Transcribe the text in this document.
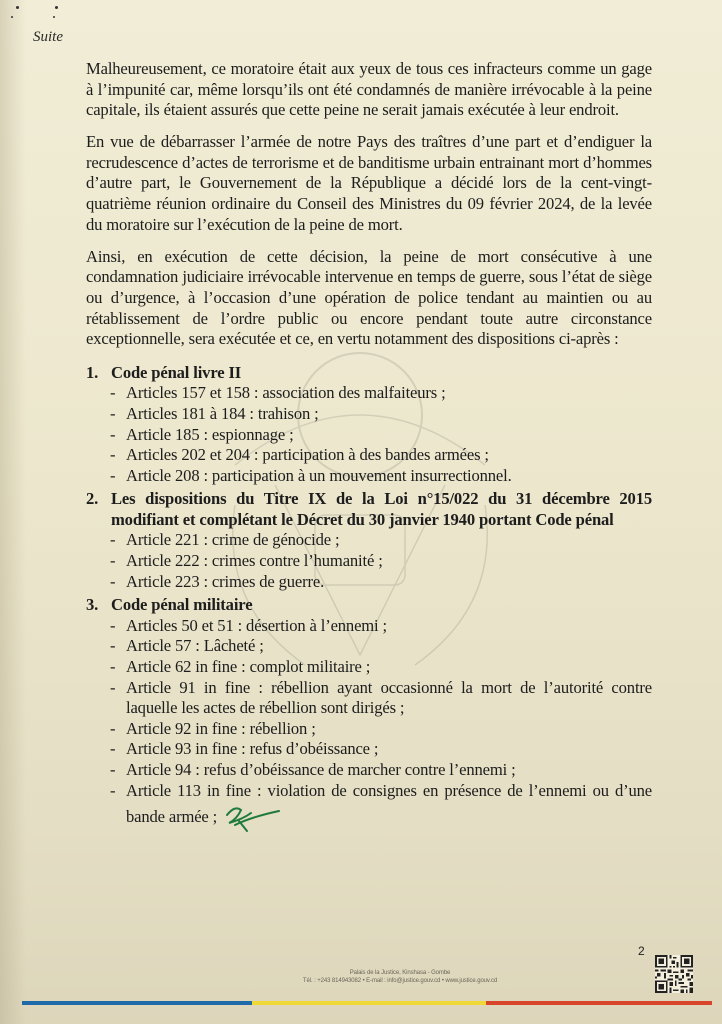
Suite

Malheureusement, ce moratoire était aux yeux de tous ces infracteurs comme un gage à l’impunité car, même lorsqu’ils ont été condamnés de manière irrévocable à la peine capitale, ils étaient assurés que cette peine ne serait jamais exécutée à leur endroit.

En vue de débarrasser l’armée de notre Pays des traîtres d’une part et d’endiguer la recrudescence d’actes de terrorisme et de banditisme urbain entrainant mort d’hommes d’autre part, le Gouvernement de la République a décidé lors de la cent-vingt-quatrième réunion ordinaire du Conseil des Ministres du 09 février 2024, de la levée du moratoire sur l’exécution de la peine de mort.

Ainsi, en exécution de cette décision, la peine de mort consécutive à une condamnation judiciaire irrévocable intervenue en temps de guerre, sous l’état de siège ou d’urgence, à l’occasion d’une opération de police tendant au maintien ou au rétablissement de l’ordre public ou encore pendant toute autre circonstance exceptionnelle, sera exécutée et ce, en vertu notamment des dispositions ci-après :

1. Code pénal livre II
- Articles 157 et 158 : association des malfaiteurs ;
- Articles 181 à 184 : trahison ;
- Article 185 : espionnage ;
- Articles 202 et 204 : participation à des bandes armées ;
- Article 208 : participation à un mouvement insurrectionnel.
2. Les dispositions du Titre IX de la Loi n°15/022 du 31 décembre 2015 modifiant et complétant le Décret du 30 janvier 1940 portant Code pénal
- Article 221 : crime de génocide ;
- Article 222 : crimes contre l’humanité ;
- Article 223 : crimes de guerre.
3. Code pénal militaire
- Articles 50 et 51 : désertion à l’ennemi ;
- Article 57 : Lâcheté ;
- Article 62 in fine : complot militaire ;
- Article 91 in fine : rébellion ayant occasionné la mort de l’autorité contre laquelle les actes de rébellion sont dirigés ;
- Article 92 in fine : rébellion ;
- Article 93 in fine : refus d’obéissance ;
- Article 94 : refus d’obéissance de marcher contre l’ennemi ;
- Article 113 in fine : violation de consignes en présence de l’ennemi ou d’une bande armée ;
2
Palais de la Justice, Kinshasa - Gombe
Tél. : +243 814943082 • E-mail : info@justice.gouv.cd • www.justice.gouv.cd
